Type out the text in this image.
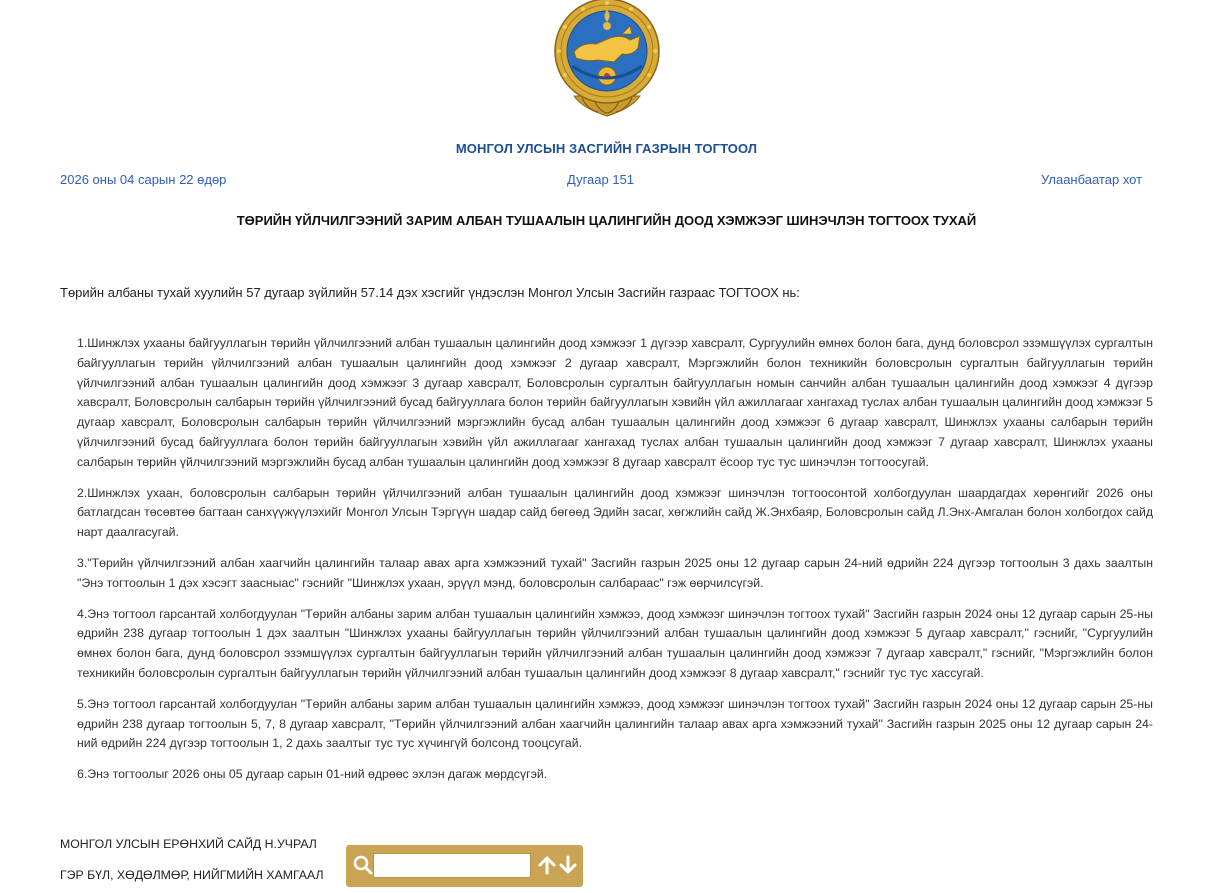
МОНГОЛ УЛСЫН ЗАСГИЙН ГАЗРЫН ТОГТООЛ
2026 оны 04 сарын 22 өдөр	Дугаар 151	Улаанбаатар хот
ТӨРИЙН ҮЙЛЧИЛГЭЭНИЙ ЗАРИМ АЛБАН ТУШААЛЫН ЦАЛИНГИЙН ДООД ХЭМЖЭЭГ ШИНЭЧЛЭН ТОГТООХ ТУХАЙ
Төрийн албаны тухай хуулийн 57 дугаар зүйлийн 57.14 дэх хэсгийг үндэслэн Монгол Улсын Засгийн газраас ТОГТООХ нь:

1.Шинжлэх ухааны байгууллагын төрийн үйлчилгээний албан тушаалын цалингийн доод хэмжээг 1 дүгээр хавсралт, Сургуулийн өмнөх болон бага, дунд боловсрол эзэмшүүлэх сургалтын байгууллагын төрийн үйлчилгээний албан тушаалын цалингийн доод хэмжээг 2 дугаар хавсралт, Мэргэжлийн болон техникийн боловсролын сургалтын байгууллагын төрийн үйлчилгээний албан тушаалын цалингийн доод хэмжээг 3 дугаар хавсралт, Боловсролын сургалтын байгууллагын номын санчийн албан тушаалын цалингийн доод хэмжээг 4 дүгээр хавсралт, Боловсролын салбарын төрийн үйлчилгээний бусад байгууллага болон төрийн байгууллагын хэвийн үйл ажиллагааг хангахад туслах албан тушаалын цалингийн доод хэмжээг 5 дугаар хавсралт, Боловсролын салбарын төрийн үйлчилгээний мэргэжлийн бусад албан тушаалын цалингийн доод хэмжээг 6 дугаар хавсралт, Шинжлэх ухааны салбарын төрийн үйлчилгээний бусад байгууллага болон төрийн байгууллагын хэвийн үйл ажиллагааг хангахад туслах албан тушаалын цалингийн доод хэмжээг 7 дугаар хавсралт, Шинжлэх ухааны салбарын төрийн үйлчилгээний мэргэжлийн бусад албан тушаалын цалингийн доод хэмжээг 8 дугаар хавсралт ёсоор тус тус шинэчлэн тогтоосугай.

2.Шинжлэх ухаан, боловсролын салбарын төрийн үйлчилгээний албан тушаалын цалингийн доод хэмжээг шинэчлэн тогтоосонтой холбогдуулан шаардагдах хөрөнгийг 2026 оны батлагдсан төсөвтөө багтаан санхүүжүүлэхийг Монгол Улсын Тэргүүн шадар сайд бөгөөд Эдийн засаг, хөгжлийн сайд Ж.Энхбаяр, Боловсролын сайд Л.Энх-Амгалан болон холбогдох сайд нарт даалгасугай.

3."Төрийн үйлчилгээний албан хаагчийн цалингийн талаар авах арга хэмжээний тухай" Засгийн газрын 2025 оны 12 дугаар сарын 24-ний өдрийн 224 дүгээр тогтоолын 3 дахь заалтын "Энэ тогтоолын 1 дэх хэсэгт заасныас" гэснийг "Шинжлэх ухаан, эрүүл мэнд, боловсролын салбараас" гэж өөрчилсүгэй.

4.Энэ тогтоол гарсантай холбогдуулан "Төрийн албаны зарим албан тушаалын цалингийн хэмжээ, доод хэмжээг шинэчлэн тогтоох тухай" Засгийн газрын 2024 оны 12 дугаар сарын 25-ны өдрийн 238 дугаар тогтоолын 1 дэх заалтын "Шинжлэх ухааны байгууллагын төрийн үйлчилгээний албан тушаалын цалингийн доод хэмжээг 5 дугаар хавсралт," гэснийг, "Сургуулийн өмнөх болон бага, дунд боловсрол эзэмшүүлэх сургалтын байгууллагын төрийн үйлчилгээний албан тушаалын цалингийн доод хэмжээг 7 дугаар хавсралт," гэснийг, "Мэргэжлийн болон техникийн боловсролын сургалтын байгууллагын төрийн үйлчилгээний албан тушаалын цалингийн доод хэмжээг 8 дугаар хавсралт," гэснийг тус тус хассугай.

5.Энэ тогтоол гарсантай холбогдуулан "Төрийн албаны зарим албан тушаалын цалингийн хэмжээ, доод хэмжээг шинэчлэн тогтоох тухай" Засгийн газрын 2024 оны 12 дугаар сарын 25-ны өдрийн 238 дугаар тогтоолын 5, 7, 8 дугаар хавсралт, "Төрийн үйлчилгээний албан хаагчийн цалингийн талаар авах арга хэмжээний тухай" Засгийн газрын 2025 оны 12 дугаар сарын 24-ний өдрийн 224 дүгээр тогтоолын 1, 2 дахь заалтыг тус тус хүчингүй болсонд тооцсугай.

6.Энэ тогтоолыг 2026 оны 05 дугаар сарын 01-ний өдрөөс эхлэн дагаж мөрдсүгэй.

МОНГОЛ УЛСЫН ЕРӨНХИЙ САЙД Н.УЧРАЛ
ГЭР БҮЛ, ХӨДӨЛМӨР, НИЙГМИЙН ХАМГААЛ
